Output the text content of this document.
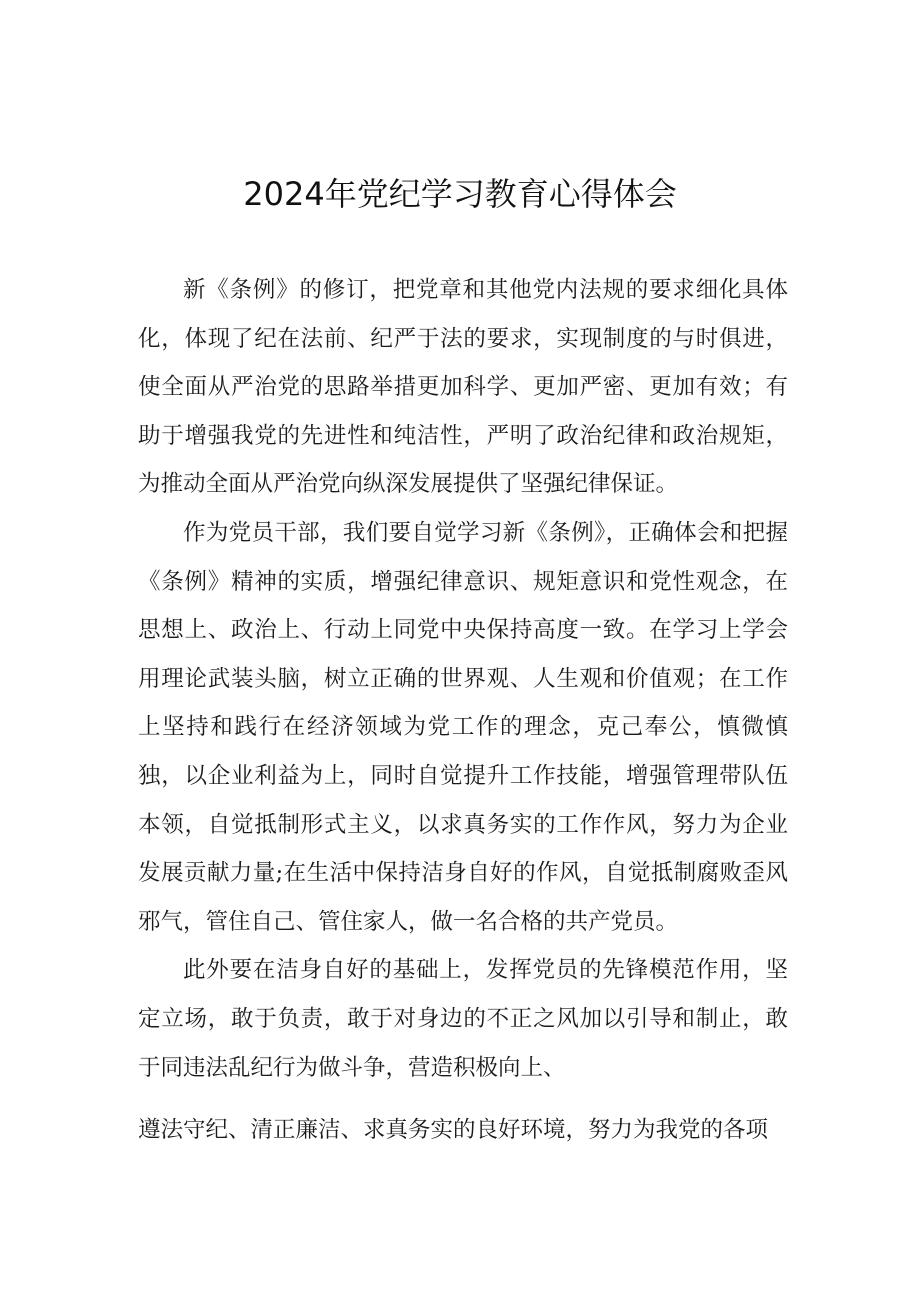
2024年党纪学习教育心得体会

新《条例》的修订，把党章和其他党内法规的要求细化具体化，体现了纪在法前、纪严于法的要求，实现制度的与时俱进，使全面从严治党的思路举措更加科学、更加严密、更加有效；有助于增强我党的先进性和纯洁性，严明了政治纪律和政治规矩，为推动全面从严治党向纵深发展提供了坚强纪律保证。

作为党员干部，我们要自觉学习新《条例》，正确体会和把握《条例》精神的实质，增强纪律意识、规矩意识和党性观念，在思想上、政治上、行动上同党中央保持高度一致。在学习上学会用理论武装头脑，树立正确的世界观、人生观和价值观；在工作上坚持和践行在经济领域为党工作的理念，克己奉公，慎微慎独，以企业利益为上，同时自觉提升工作技能，增强管理带队伍本领，自觉抵制形式主义，以求真务实的工作作风，努力为企业发展贡献力量;在生活中保持洁身自好的作风，自觉抵制腐败歪风邪气，管住自己、管住家人，做一名合格的共产党员。

此外要在洁身自好的基础上，发挥党员的先锋模范作用，坚定立场，敢于负责，敢于对身边的不正之风加以引导和制止，敢于同违法乱纪行为做斗争，营造积极向上、

遵法守纪、清正廉洁、求真务实的良好环境，努力为我党的各项
